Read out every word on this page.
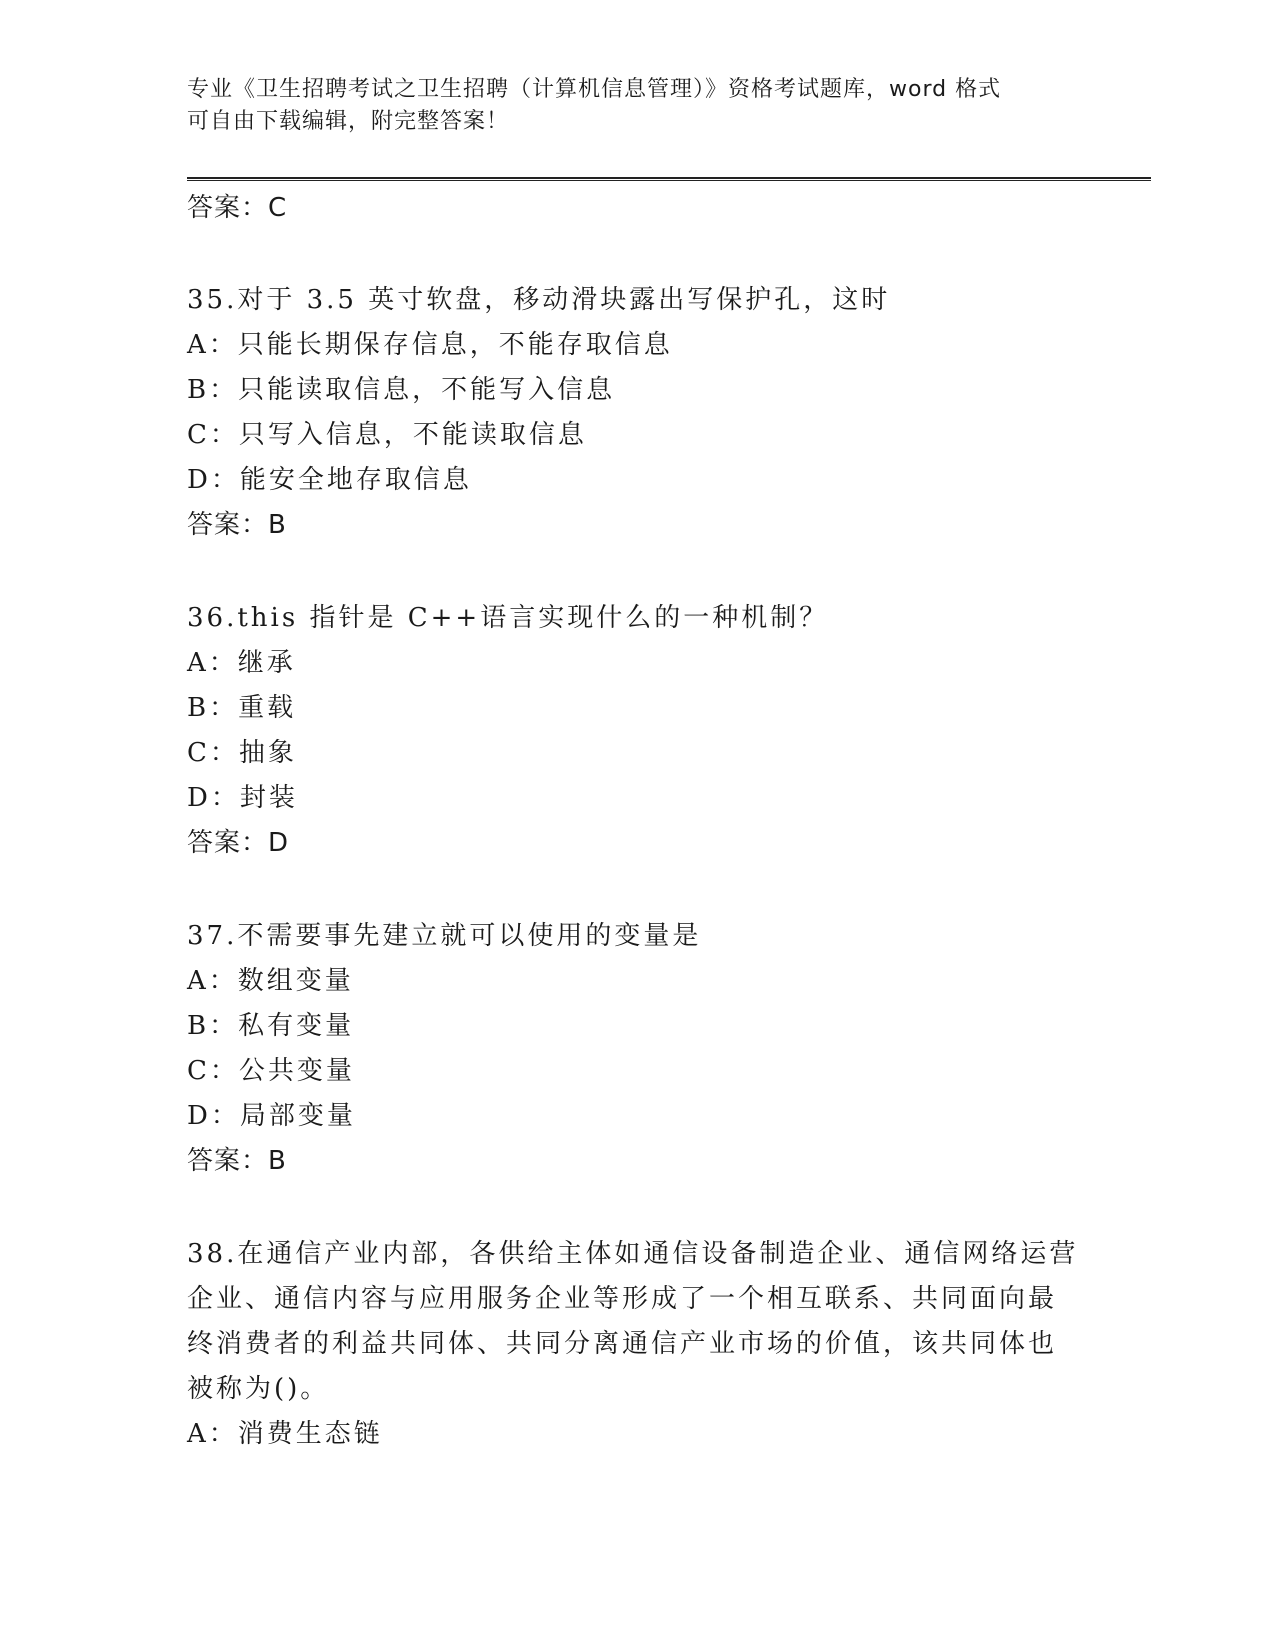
专业《卫生招聘考试之卫生招聘（计算机信息管理）》资格考试题库，word 格式
可自由下载编辑，附完整答案！
答案：C
35.对于 3.5 英寸软盘，移动滑块露出写保护孔，这时
A：只能长期保存信息，不能存取信息
B：只能读取信息，不能写入信息
C：只写入信息，不能读取信息
D：能安全地存取信息
答案：B
36.this 指针是 C++语言实现什么的一种机制？
A：继承
B：重载
C：抽象
D：封装
答案：D
37.不需要事先建立就可以使用的变量是
A：数组变量
B：私有变量
C：公共变量
D：局部变量
答案：B
38.在通信产业内部，各供给主体如通信设备制造企业、通信网络运营
企业、通信内容与应用服务企业等形成了一个相互联系、共同面向最
终消费者的利益共同体、共同分离通信产业市场的价值，该共同体也
被称为()。
A：消费生态链
